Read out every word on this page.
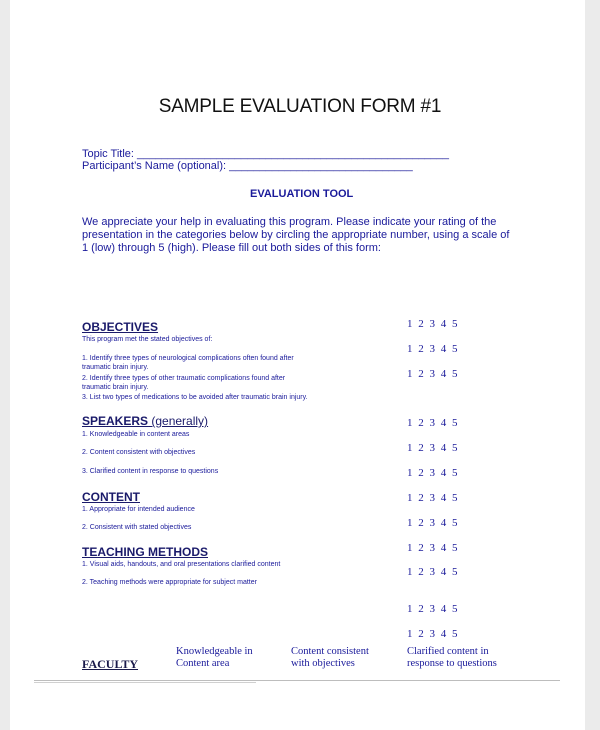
SAMPLE EVALUATION FORM #1
Topic Title: ___________________________________________________
Participant’s Name (optional): ______________________________
EVALUATION TOOL
We appreciate your help in evaluating this program. Please indicate your rating of the presentation in the categories below by circling the appropriate number, using a scale of 1 (low) through 5 (high). Please fill out both sides of this form:
OBJECTIVES
This program met the stated objectives of:
1. Identify three types of neurological complications often found after
traumatic brain injury.
2. Identify three types of other traumatic complications found after
traumatic brain injury.
3. List two types of medications to be avoided after traumatic brain injury.
1 2 3 4 5
1 2 3 4 5
1 2 3 4 5
SPEAKERS (generally)
1. Knowledgeable in content areas
2. Content consistent with objectives
3. Clarified content in response to questions
1 2 3 4 5
1 2 3 4 5
1 2 3 4 5
CONTENT
1. Appropriate for intended audience
2. Consistent with stated objectives
1 2 3 4 5
1 2 3 4 5
TEACHING METHODS
1. Visual aids, handouts, and oral presentations clarified content
2. Teaching methods were appropriate for subject matter
1 2 3 4 5
1 2 3 4 5
1 2 3 4 5
1 2 3 4 5
FACULTY
Knowledgeable in
Content area
Content consistent
with objectives
Clarified content in
response to questions
